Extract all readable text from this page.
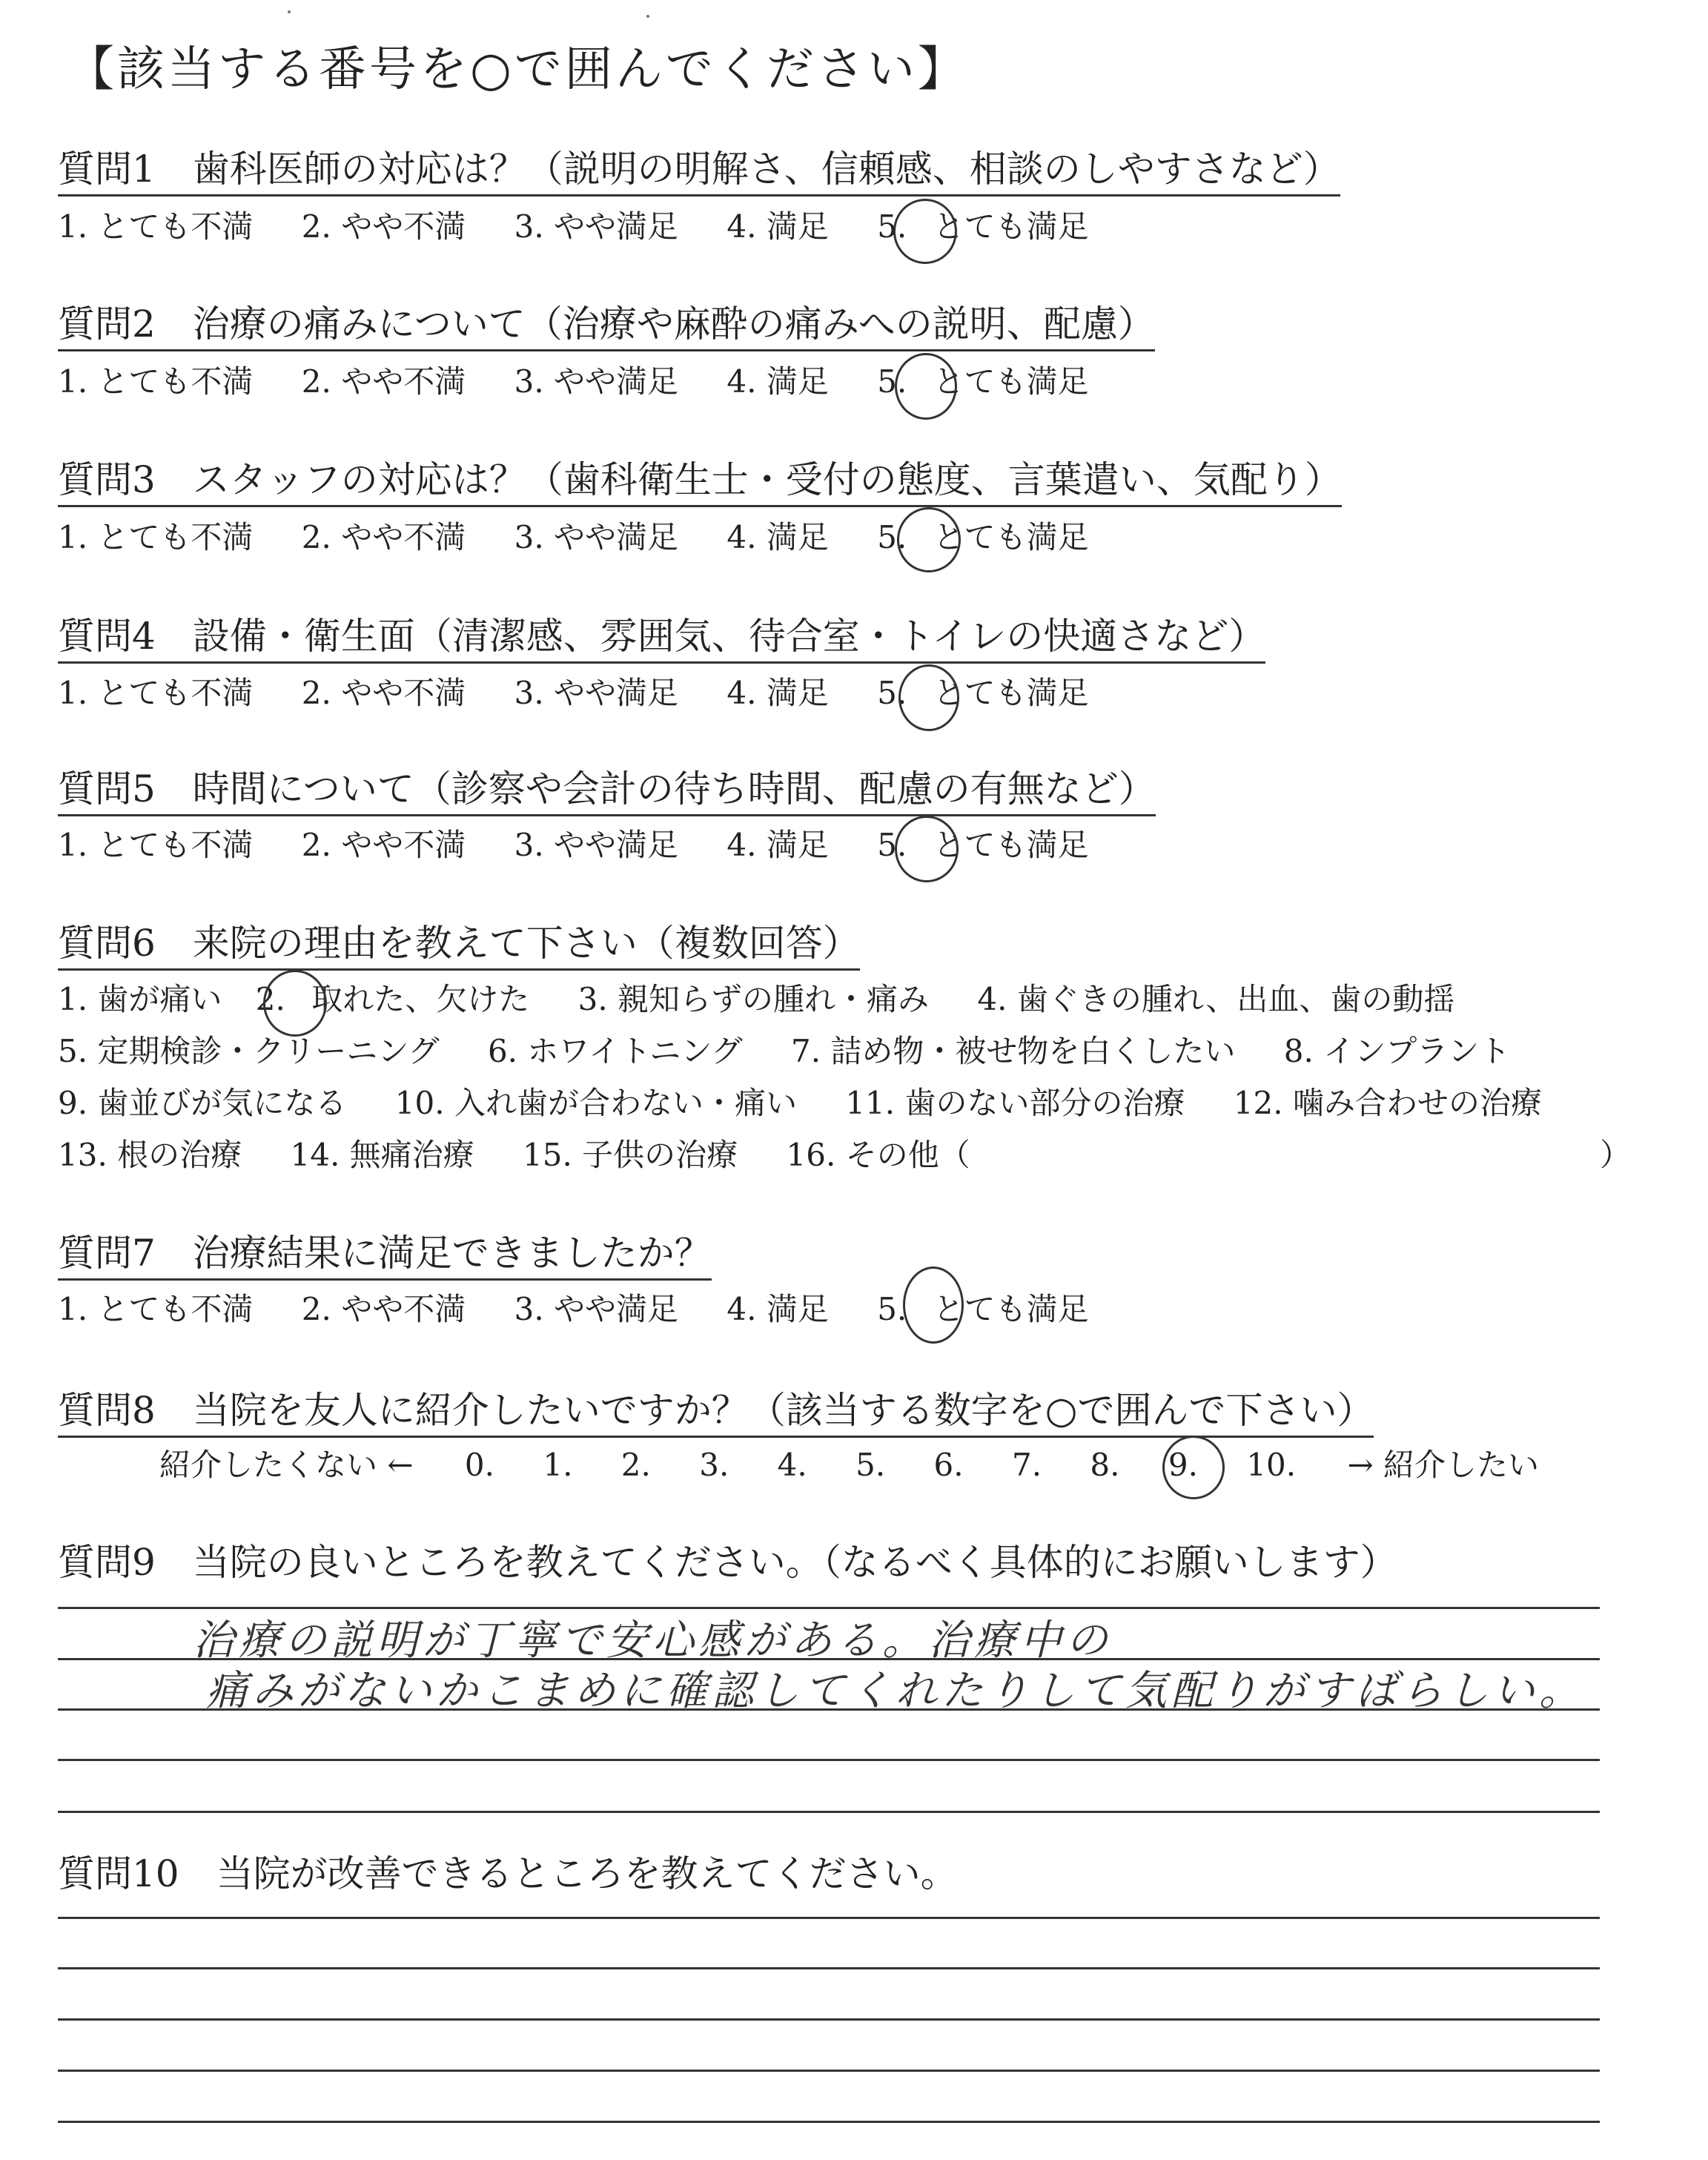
【該当する番号を○で囲んでください】
質問1　歯科医師の対応は？（説明の明解さ、信頼感、相談のしやすさなど）
1. とても不満 2. やや不満 3. やや満足 4. 満足 5. とても満足
質問2　治療の痛みについて（治療や麻酔の痛みへの説明、配慮）
1. とても不満 2. やや不満 3. やや満足 4. 満足 5. とても満足
質問3　スタッフの対応は？（歯科衛生士・受付の態度、言葉遣い、気配り）
1. とても不満 2. やや不満 3. やや満足 4. 満足 5. とても満足
質問4　設備・衛生面（清潔感、雰囲気、待合室・トイレの快適さなど）
1. とても不満 2. やや不満 3. やや満足 4. 満足 5. とても満足
質問5　時間について（診察や会計の待ち時間、配慮の有無など）
1. とても不満 2. やや不満 3. やや満足 4. 満足 5. とても満足
質問6　来院の理由を教えて下さい（複数回答）
1. 歯が痛い 2. 取れた、欠けた 3. 親知らずの腫れ・痛み 4. 歯ぐきの腫れ、出血、歯の動揺
5. 定期検診・クリーニング 6. ホワイトニング 7. 詰め物・被せ物を白くしたい 8. インプラント
9. 歯並びが気になる 10. 入れ歯が合わない・痛い 11. 歯のない部分の治療 12. 噛み合わせの治療
13. 根の治療 14. 無痛治療 15. 子供の治療 16. その他（	）
質問7　治療結果に満足できましたか？
1. とても不満 2. やや不満 3. やや満足 4. 満足 5. とても満足
質問8　当院を友人に紹介したいですか？（該当する数字を○で囲んで下さい）
紹介したくない ← 0. 1. 2. 3. 4. 5. 6. 7. 8. 9. 10. → 紹介したい
質問9　当院の良いところを教えてください。（なるべく具体的にお願いします）
治療の説明が丁寧で安心感がある。治療中の
痛みがないかこまめに確認してくれたりして気配りがすばらしい。
質問10　当院が改善できるところを教えてください。
